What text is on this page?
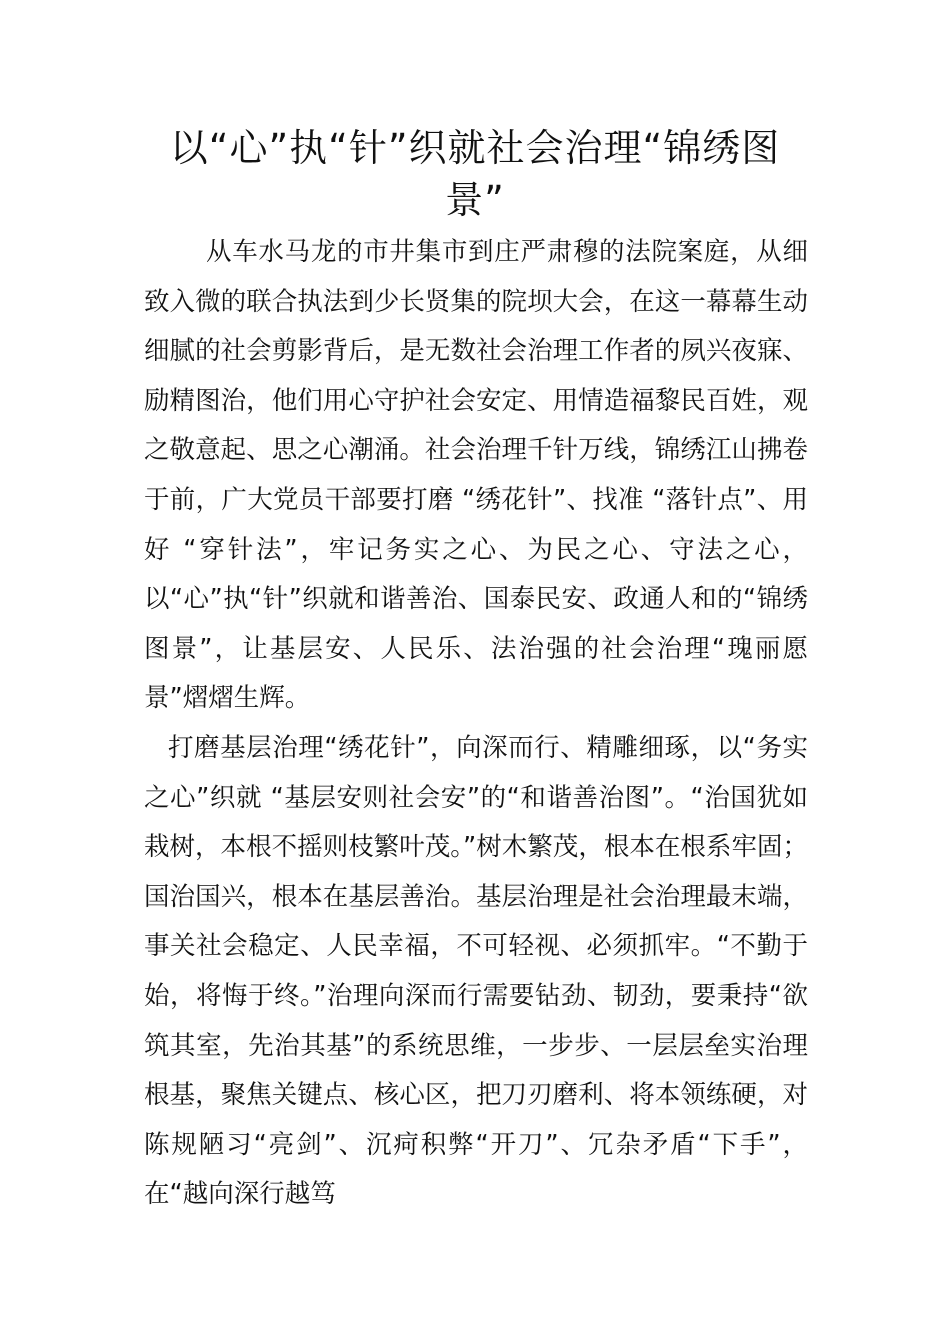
以“心”执“针”织就社会治理“锦绣图景”

从车水马龙的市井集市到庄严肃穆的法院案庭，从细致入微的联合执法到少长贤集的院坝大会，在这一幕幕生动细腻的社会剪影背后，是无数社会治理工作者的夙兴夜寐、励精图治，他们用心守护社会安定、用情造福黎民百姓，观之敬意起、思之心潮涌。社会治理千针万线，锦绣江山拂卷于前，广大党员干部要打磨 “绣花针”、找准 “落针点”、用好 “穿针法”，牢记务实之心、为民之心、守法之心，以“心”执“针”织就和谐善治、国泰民安、政通人和的“锦绣图景”，让基层安、人民乐、法治强的社会治理“瑰丽愿景”熠熠生辉。

打磨基层治理“绣花针”，向深而行、精雕细琢，以“务实之心”织就 “基层安则社会安”的“和谐善治图”。“治国犹如栽树，本根不摇则枝繁叶茂。”树木繁茂，根本在根系牢固；国治国兴，根本在基层善治。基层治理是社会治理最末端，事关社会稳定、人民幸福，不可轻视、必须抓牢。“不勤于始，将悔于终。”治理向深而行需要钻劲、韧劲，要秉持“欲筑其室，先治其基”的系统思维，一步步、一层层垒实治理根基，聚焦关键点、核心区，把刀刃磨利、将本领练硬，对陈规陋习“亮剑”、沉疴积弊“开刀”、冗杂矛盾“下手”，在“越向深行越笃
